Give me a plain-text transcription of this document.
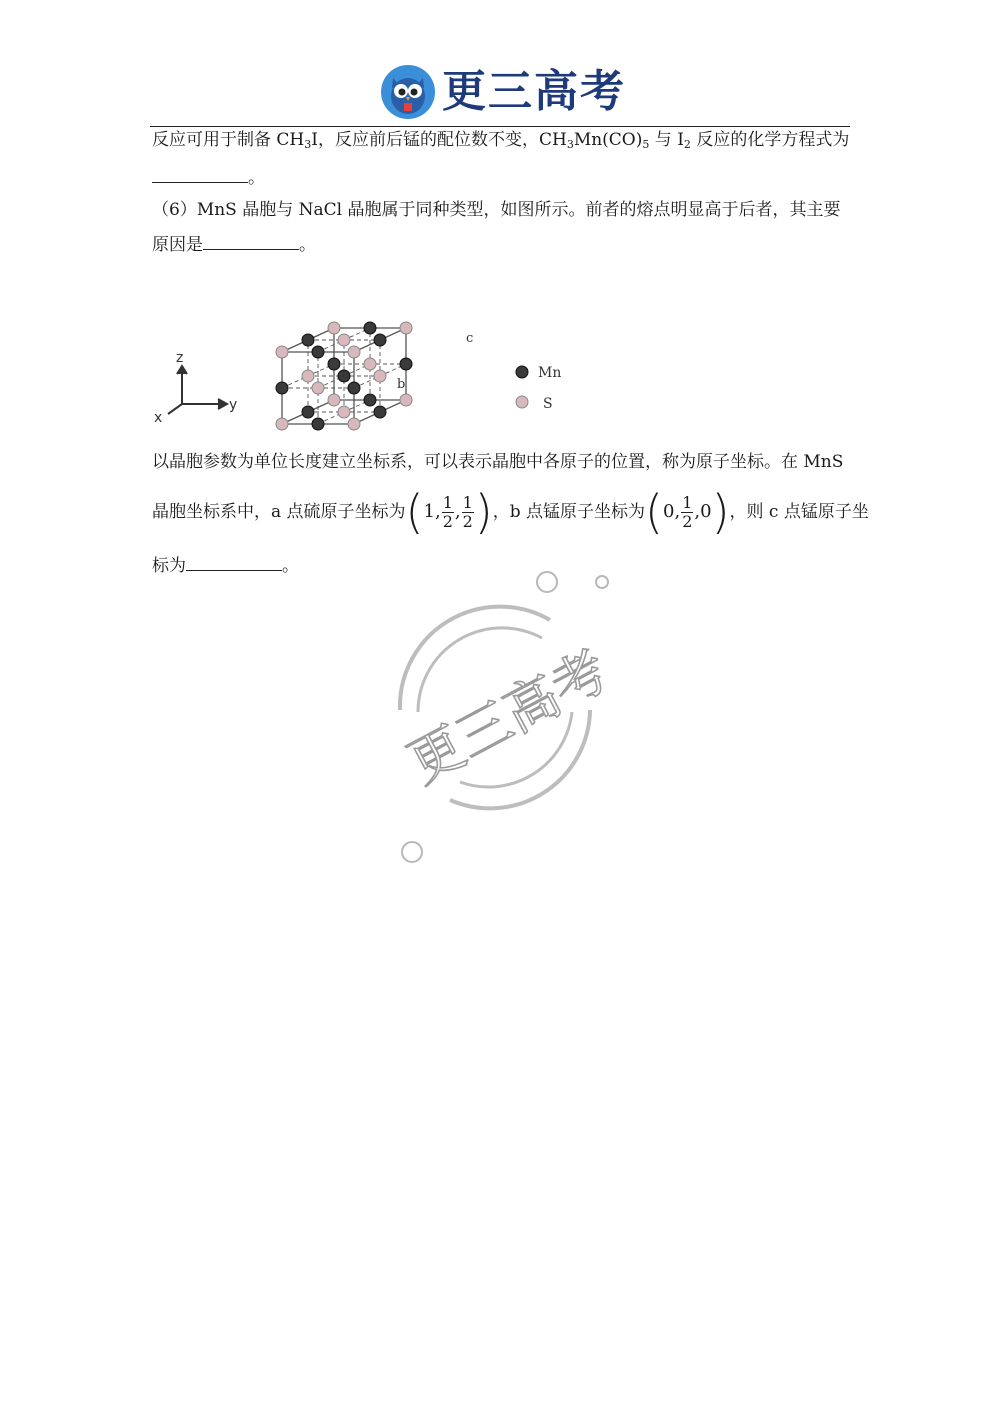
更三高考
反应可用于制备 $CH_3I$，反应前后锰的配位数不变，$CH_3Mn(CO)_5$ 与 $I_2$ 反应的化学方程式为
。
（6）MnS 晶胞与 NaCl 晶胞属于同种类型，如图所示。前者的熔点明显高于后者，其主要
原因是	。
z
x
y
a
b
c
Mn
S
以晶胞参数为单位长度建立坐标系，可以表示晶胞中各原子的位置，称为原子坐标。在 MnS
晶胞坐标系中，a 点硫原子坐标为 ( 1 , $\frac{1}{2}$ , $\frac{1}{2}$ ) ，b 点锰原子坐标为 ( 0 , $\frac{1}{2}$ , 0 ) ，则 c 点锰原子坐
标为	。
更三高考
